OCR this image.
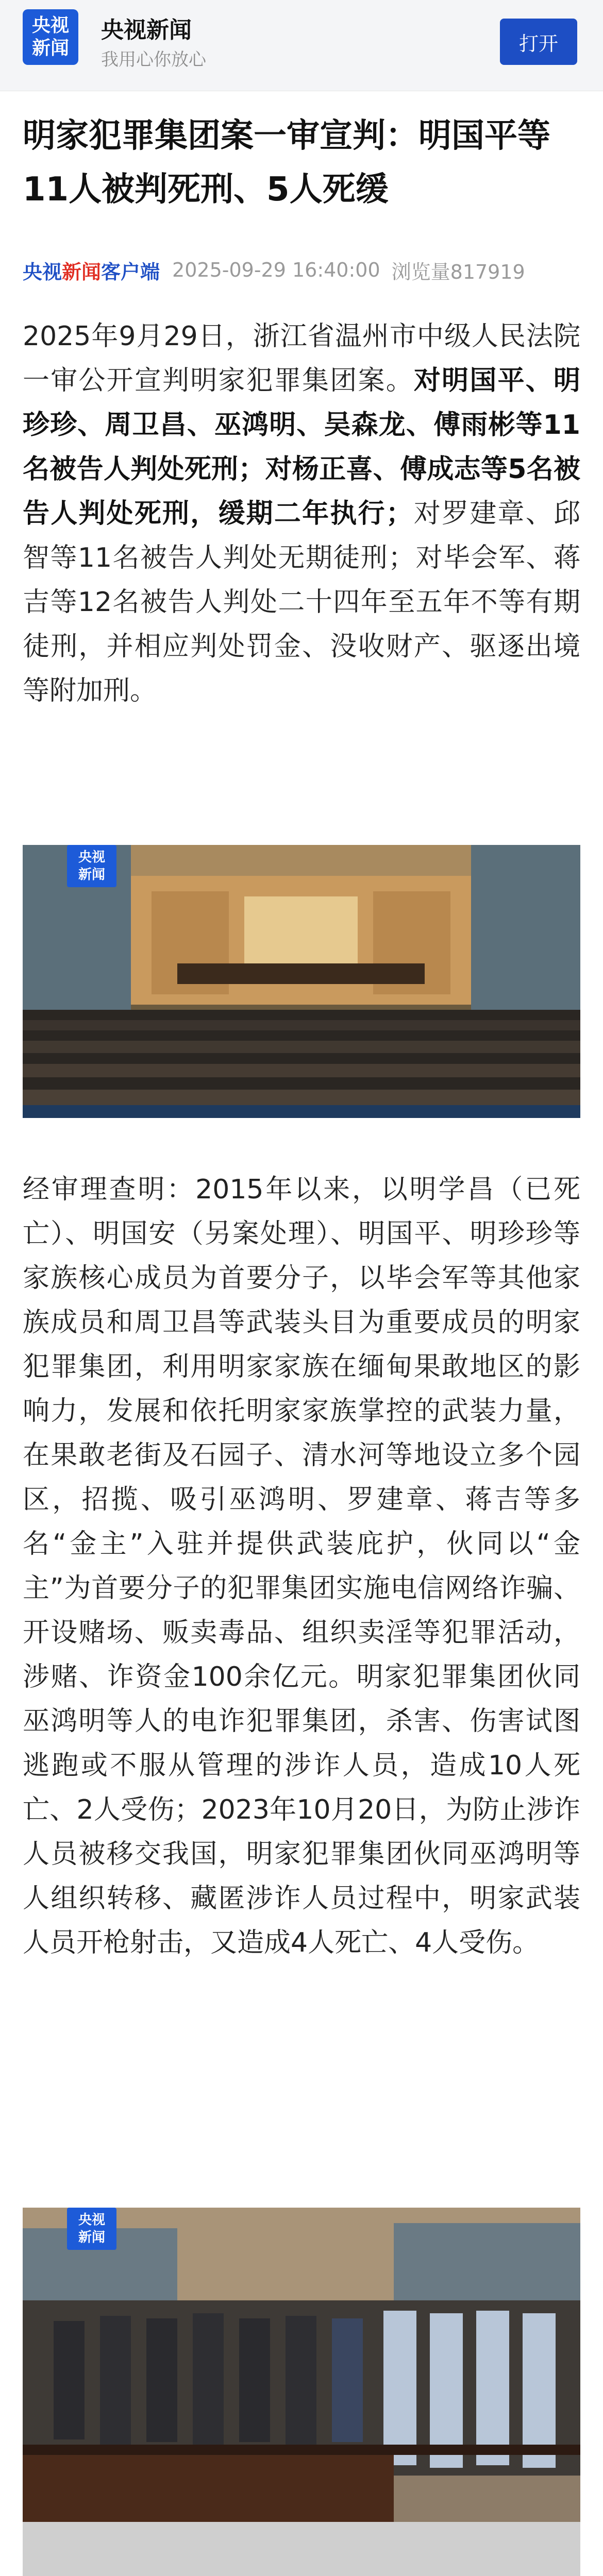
央视
新闻
央视新闻
我用心你放心
打开
明家犯罪集团案一审宣判：明国平等11人被判死刑、5人死缓
央视新闻客户端 2025-09-29 16:40:00 浏览量817919

2025年9月29日，浙江省温州市中级人民法院一审公开宣判明家犯罪集团案。对明国平、明珍珍、周卫昌、巫鸿明、吴森龙、傅雨彬等11名被告人判处死刑；对杨正喜、傅成志等5名被告人判处死刑，缓期二年执行；对罗建章、邱智等11名被告人判处无期徒刑；对毕会军、蒋吉等12名被告人判处二十四年至五年不等有期徒刑，并相应判处罚金、没收财产、驱逐出境等附加刑。

央视
新闻

经审理查明：2015年以来，以明学昌（已死亡）、明国安（另案处理）、明国平、明珍珍等家族核心成员为首要分子，以毕会军等其他家族成员和周卫昌等武装头目为重要成员的明家犯罪集团，利用明家家族在缅甸果敢地区的影响力，发展和依托明家家族掌控的武装力量，在果敢老街及石园子、清水河等地设立多个园区，招揽、吸引巫鸿明、罗建章、蒋吉等多名“金主”入驻并提供武装庇护，伙同以“金主”为首要分子的犯罪集团实施电信网络诈骗、开设赌场、贩卖毒品、组织卖淫等犯罪活动，涉赌、诈资金100余亿元。明家犯罪集团伙同巫鸿明等人的电诈犯罪集团，杀害、伤害试图逃跑或不服从管理的涉诈人员，造成10人死亡、2人受伤；2023年10月20日，为防止涉诈人员被移交我国，明家犯罪集团伙同巫鸿明等人组织转移、藏匿涉诈人员过程中，明家武装人员开枪射击，又造成4人死亡、4人受伤。

央视
新闻
